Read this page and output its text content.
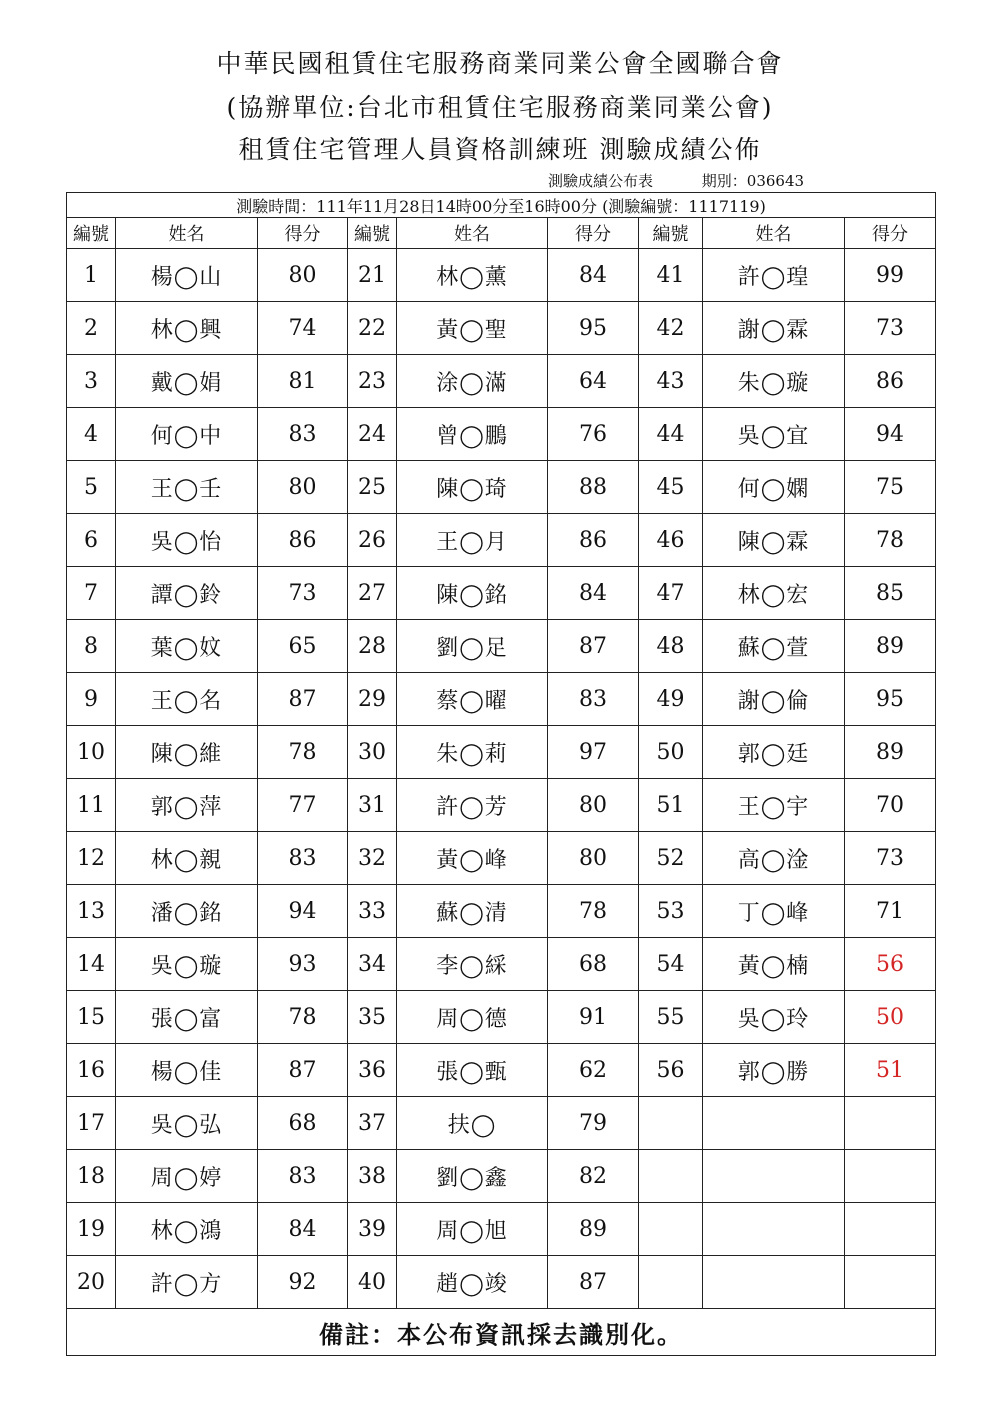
中華民國租賃住宅服務商業同業公會全國聯合會
(協辦單位:台北市租賃住宅服務商業同業公會)
租賃住宅管理人員資格訓練班 測驗成績公佈
測驗成績公布表	期別：036643
測驗時間：111年11月28日14時00分至16時00分 (測驗編號：1117119)								
編號	姓名	得分	編號	姓名	得分	編號	姓名	得分
1	楊◯山	80	21	林◯薰	84	41	許◯瑝	99
2	林◯興	74	22	黃◯聖	95	42	謝◯霖	73
3	戴◯娟	81	23	涂◯滿	64	43	朱◯璇	86
4	何◯中	83	24	曾◯鵬	76	44	吳◯宜	94
5	王◯壬	80	25	陳◯琦	88	45	何◯嫻	75
6	吳◯怡	86	26	王◯月	86	46	陳◯霖	78
7	譚◯鈴	73	27	陳◯銘	84	47	林◯宏	85
8	葉◯妏	65	28	劉◯足	87	48	蘇◯萱	89
9	王◯名	87	29	蔡◯曜	83	49	謝◯倫	95
10	陳◯維	78	30	朱◯莉	97	50	郭◯廷	89
11	郭◯萍	77	31	許◯芳	80	51	王◯宇	70
12	林◯親	83	32	黃◯峰	80	52	高◯淦	73
13	潘◯銘	94	33	蘇◯清	78	53	丁◯峰	71
14	吳◯璇	93	34	李◯綵	68	54	黃◯楠	56
15	張◯富	78	35	周◯德	91	55	吳◯玲	50
16	楊◯佳	87	36	張◯甄	62	56	郭◯勝	51
17	吳◯弘	68	37	扶◯	79			
18	周◯婷	83	38	劉◯鑫	82			
19	林◯鴻	84	39	周◯旭	89			
20	許◯方	92	40	趙◯竣	87			
備註：本公布資訊採去識別化。								
